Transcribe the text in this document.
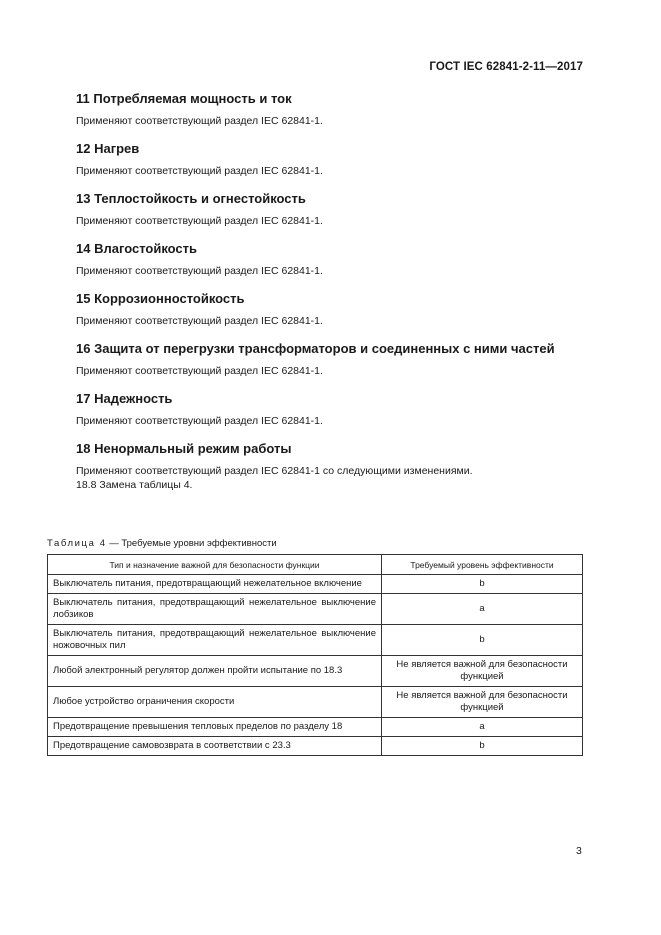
ГОСТ IEC 62841-2-11—2017
11 Потребляемая мощность и ток

Применяют соответствующий раздел IEC 62841-1.

12 Нагрев

Применяют соответствующий раздел IEC 62841-1.

13 Теплостойкость и огнестойкость

Применяют соответствующий раздел IEC 62841-1.

14 Влагостойкость

Применяют соответствующий раздел IEC 62841-1.

15 Коррозионностойкость

Применяют соответствующий раздел IEC 62841-1.

16 Защита от перегрузки трансформаторов и соединенных с ними частей

Применяют соответствующий раздел IEC 62841-1.

17 Надежность

Применяют соответствующий раздел IEC 62841-1.

18 Ненормальный режим работы

Применяют соответствующий раздел IEC 62841-1 со следующими изменениями.

18.8 Замена таблицы 4.

Таблица 4 — Требуемые уровни эффективности
Тип и назначение важной для безопасности функции	Требуемый уровень эффективности
Выключатель питания, предотвращающий нежелательное включение	b
Выключатель питания, предотвращающий нежелательное выключение лобзиков	a
Выключатель питания, предотвращающий нежелательное выключение ножовочных пил	b
Любой электронный регулятор должен пройти испытание по 18.3	Не является важной для безопасности функцией
Любое устройство ограничения скорости	Не является важной для безопасности функцией
Предотвращение превышения тепловых пределов по разделу 18	a
Предотвращение самовозврата в соответствии с 23.3	b
3
